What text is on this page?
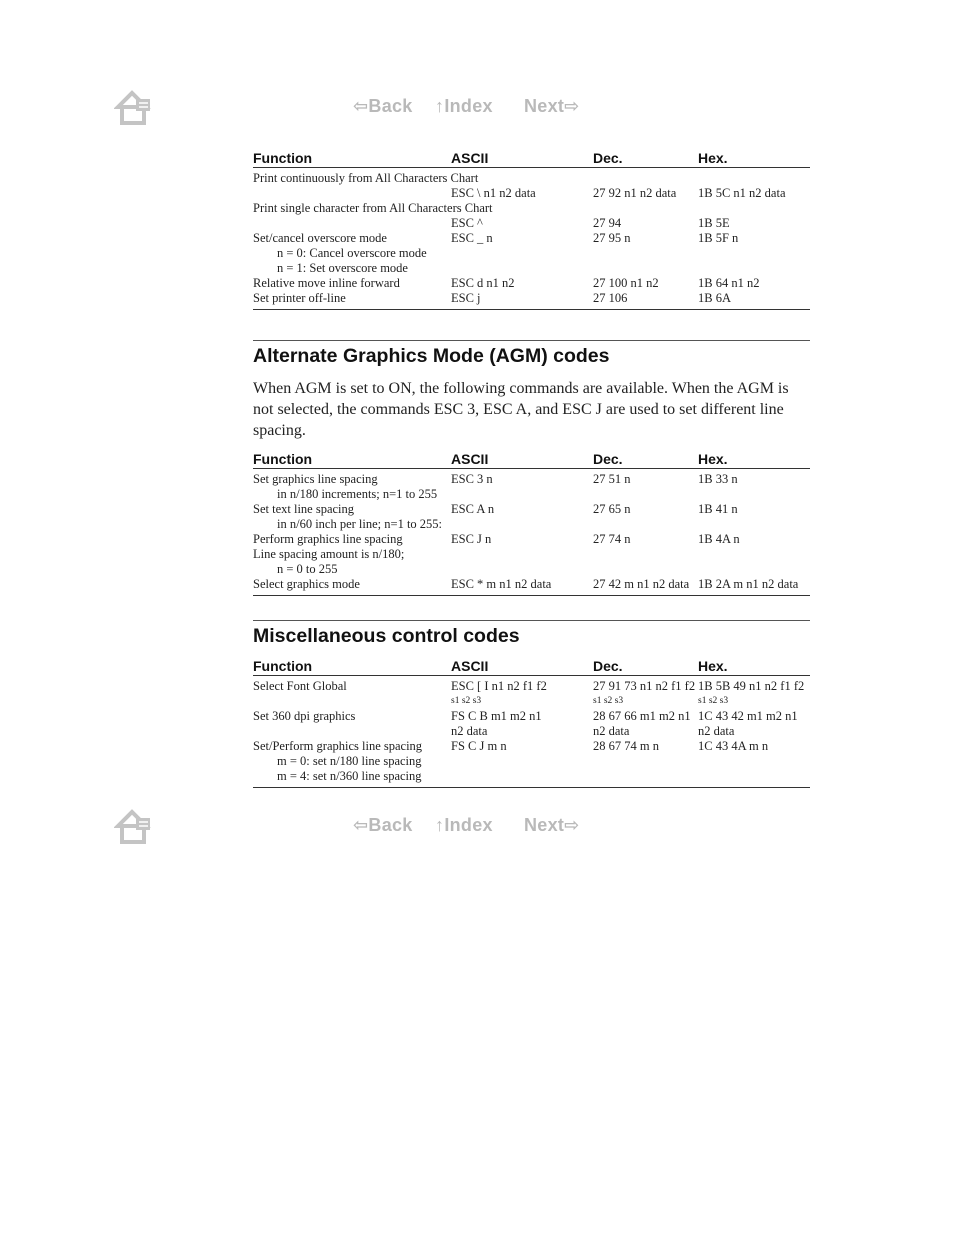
⇦Back ↑Index Next⇨
Function	ASCII	Dec.	Hex.
Print continuously from All Characters Chart			
	ESC \ n1 n2 data	27 92 n1 n2 data	1B 5C n1 n2 data
Print single character from All Characters Chart			
	ESC ^	27 94	1B 5E
Set/cancel overscore mode	ESC _ n	27 95 n	1B 5F n
n = 0: Cancel overscore mode			
n = 1: Set overscore mode			
Relative move inline forward	ESC d n1 n2	27 100 n1 n2	1B 64 n1 n2
Set printer off-line	ESC j	27 106	1B 6A
Alternate Graphics Mode (AGM) codes

When AGM is set to ON, the following commands are available. When the AGM is not selected, the commands ESC 3, ESC A, and ESC J are used to set different line spacing.

Function	ASCII	Dec.	Hex.
Set graphics line spacing	ESC 3 n	27 51 n	1B 33 n
in n/180 increments; n=1 to 255			
Set text line spacing	ESC A n	27 65 n	1B 41 n
in n/60 inch per line; n=1 to 255:			
Perform graphics line spacing	ESC J n	27 74 n	1B 4A n
Line spacing amount is n/180;			
n = 0 to 255			
Select graphics mode	ESC * m n1 n2 data	27 42 m n1 n2 data	1B 2A m n1 n2 data
Miscellaneous control codes
Function	ASCII	Dec.	Hex.
Select Font Global	ESC [ I n1 n2 f1 f2	27 91 73 n1 n2 f1 f2	1B 5B 49 n1 n2 f1 f2
	s1 s2 s3	s1 s2 s3	s1 s2 s3
Set 360 dpi graphics	FS C B m1 m2 n1	28 67 66 m1 m2 n1	1C 43 42 m1 m2 n1
	n2 data	n2 data	n2 data
Set/Perform graphics line spacing	FS C J m n	28 67 74 m n	1C 43 4A m n
m = 0: set n/180 line spacing			
m = 4: set n/360 line spacing			
⇦Back ↑Index Next⇨
